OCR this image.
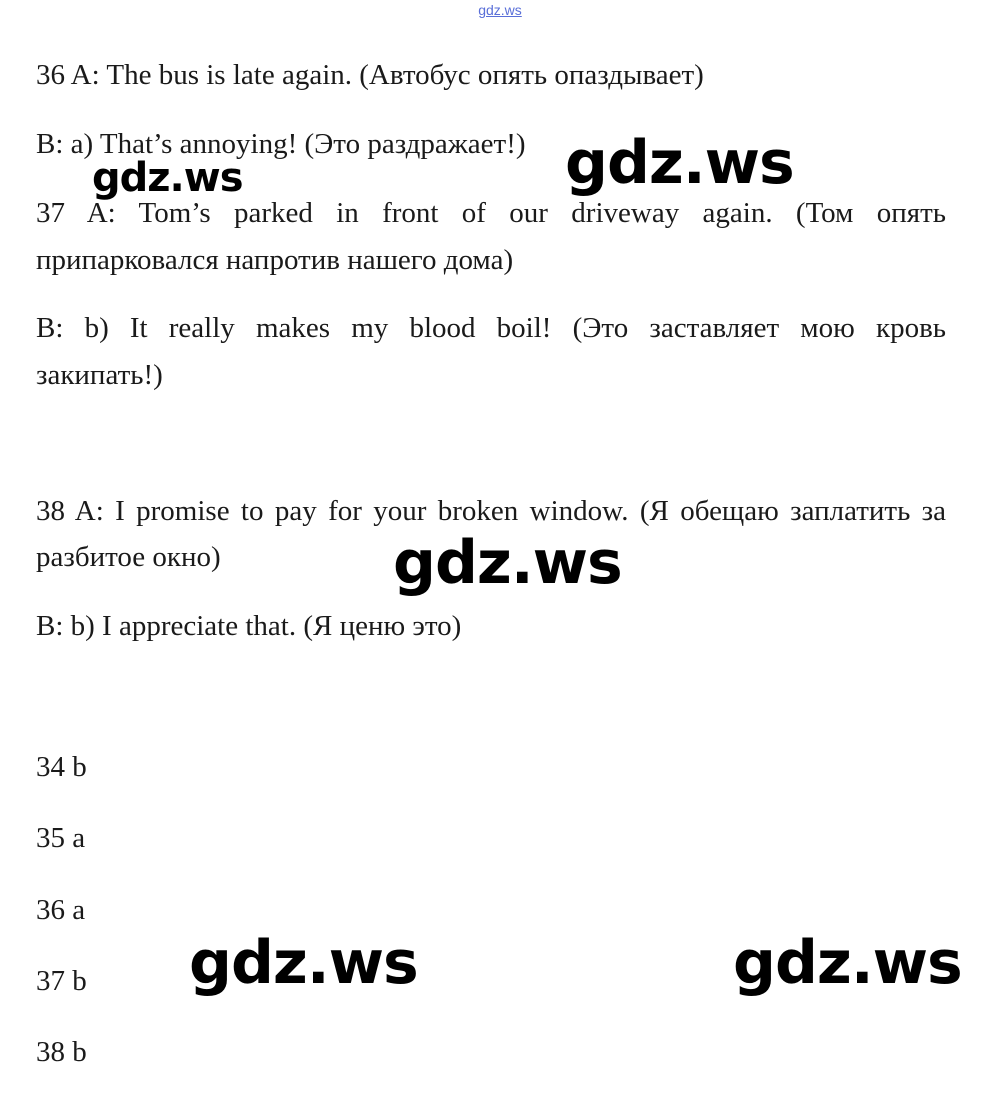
gdz.ws
36 A: The bus is late again. (Автобус опять опаздывает)
B: a) That’s annoying! (Это раздражает!)
37 A: Tom’s parked in front of our driveway again. (Том опять
припарковался напротив нашего дома)
B: b) It really makes my blood boil! (Это заставляет мою кровь
закипать!)
38 A: I promise to pay for your broken window. (Я обещаю заплатить за
разбитое окно)
B: b) I appreciate that. (Я ценю это)
34 b
35 a
36 a
37 b
38 b
gdz.ws	gdz.ws
gdz.ws
gdz.ws	gdz.ws
